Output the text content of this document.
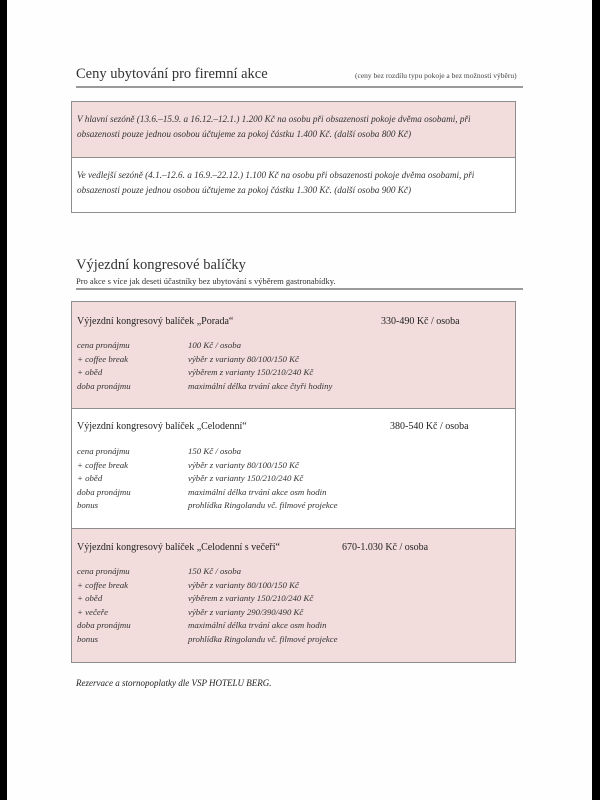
Ceny ubytování pro firemní akce	(ceny bez rozdílu typu pokoje a bez možnosti výběru)
V hlavní sezóně (13.6.–15.9. a 16.12.–12.1.) 1.200 Kč na osobu při obsazenosti pokoje dvěma osobami, při obsazenosti pouze jednou osobou účtujeme za pokoj částku 1.400 Kč. (další osoba 800 Kč)
Ve vedlejší sezóně (4.1.–12.6. a 16.9.–22.12.) 1.100 Kč na osobu při obsazenosti pokoje dvěma osobami, při obsazenosti pouze jednou osobou účtujeme za pokoj částku 1.300 Kč. (další osoba 900 Kč)
Výjezdní kongresové balíčky
Pro akce s více jak deseti účastníky bez ubytování s výběrem gastronabídky.
Výjezdní kongresový balíček „Porada“	330-490 Kč / osoba
cena pronájmu	100 Kč / osoba
+ coffee break	výběr z varianty 80/100/150 Kč
+ oběd	výběrem z varianty 150/210/240 Kč
doba pronájmu	maximální délka trvání akce čtyři hodiny
Výjezdní kongresový balíček „Celodenní“	380-540 Kč / osoba
cena pronájmu	150 Kč / osoba
+ coffee break	výběr z varianty 80/100/150 Kč
+ oběd	výběr z varianty 150/210/240 Kč
doba pronájmu	maximální délka trvání akce osm hodin
bonus	prohlídka Ringolandu vč. filmové projekce
Výjezdní kongresový balíček „Celodenní s večeří“	670-1.030 Kč / osoba
cena pronájmu	150 Kč / osoba
+ coffee break	výběr z varianty 80/100/150 Kč
+ oběd	výběrem z varianty 150/210/240 Kč
+ večeře	výběr z varianty 290/390/490 Kč
doba pronájmu	maximální délka trvání akce osm hodin
bonus	prohlídka Ringolandu vč. filmové projekce
Rezervace a stornopoplatky dle VSP HOTELU BERG.
